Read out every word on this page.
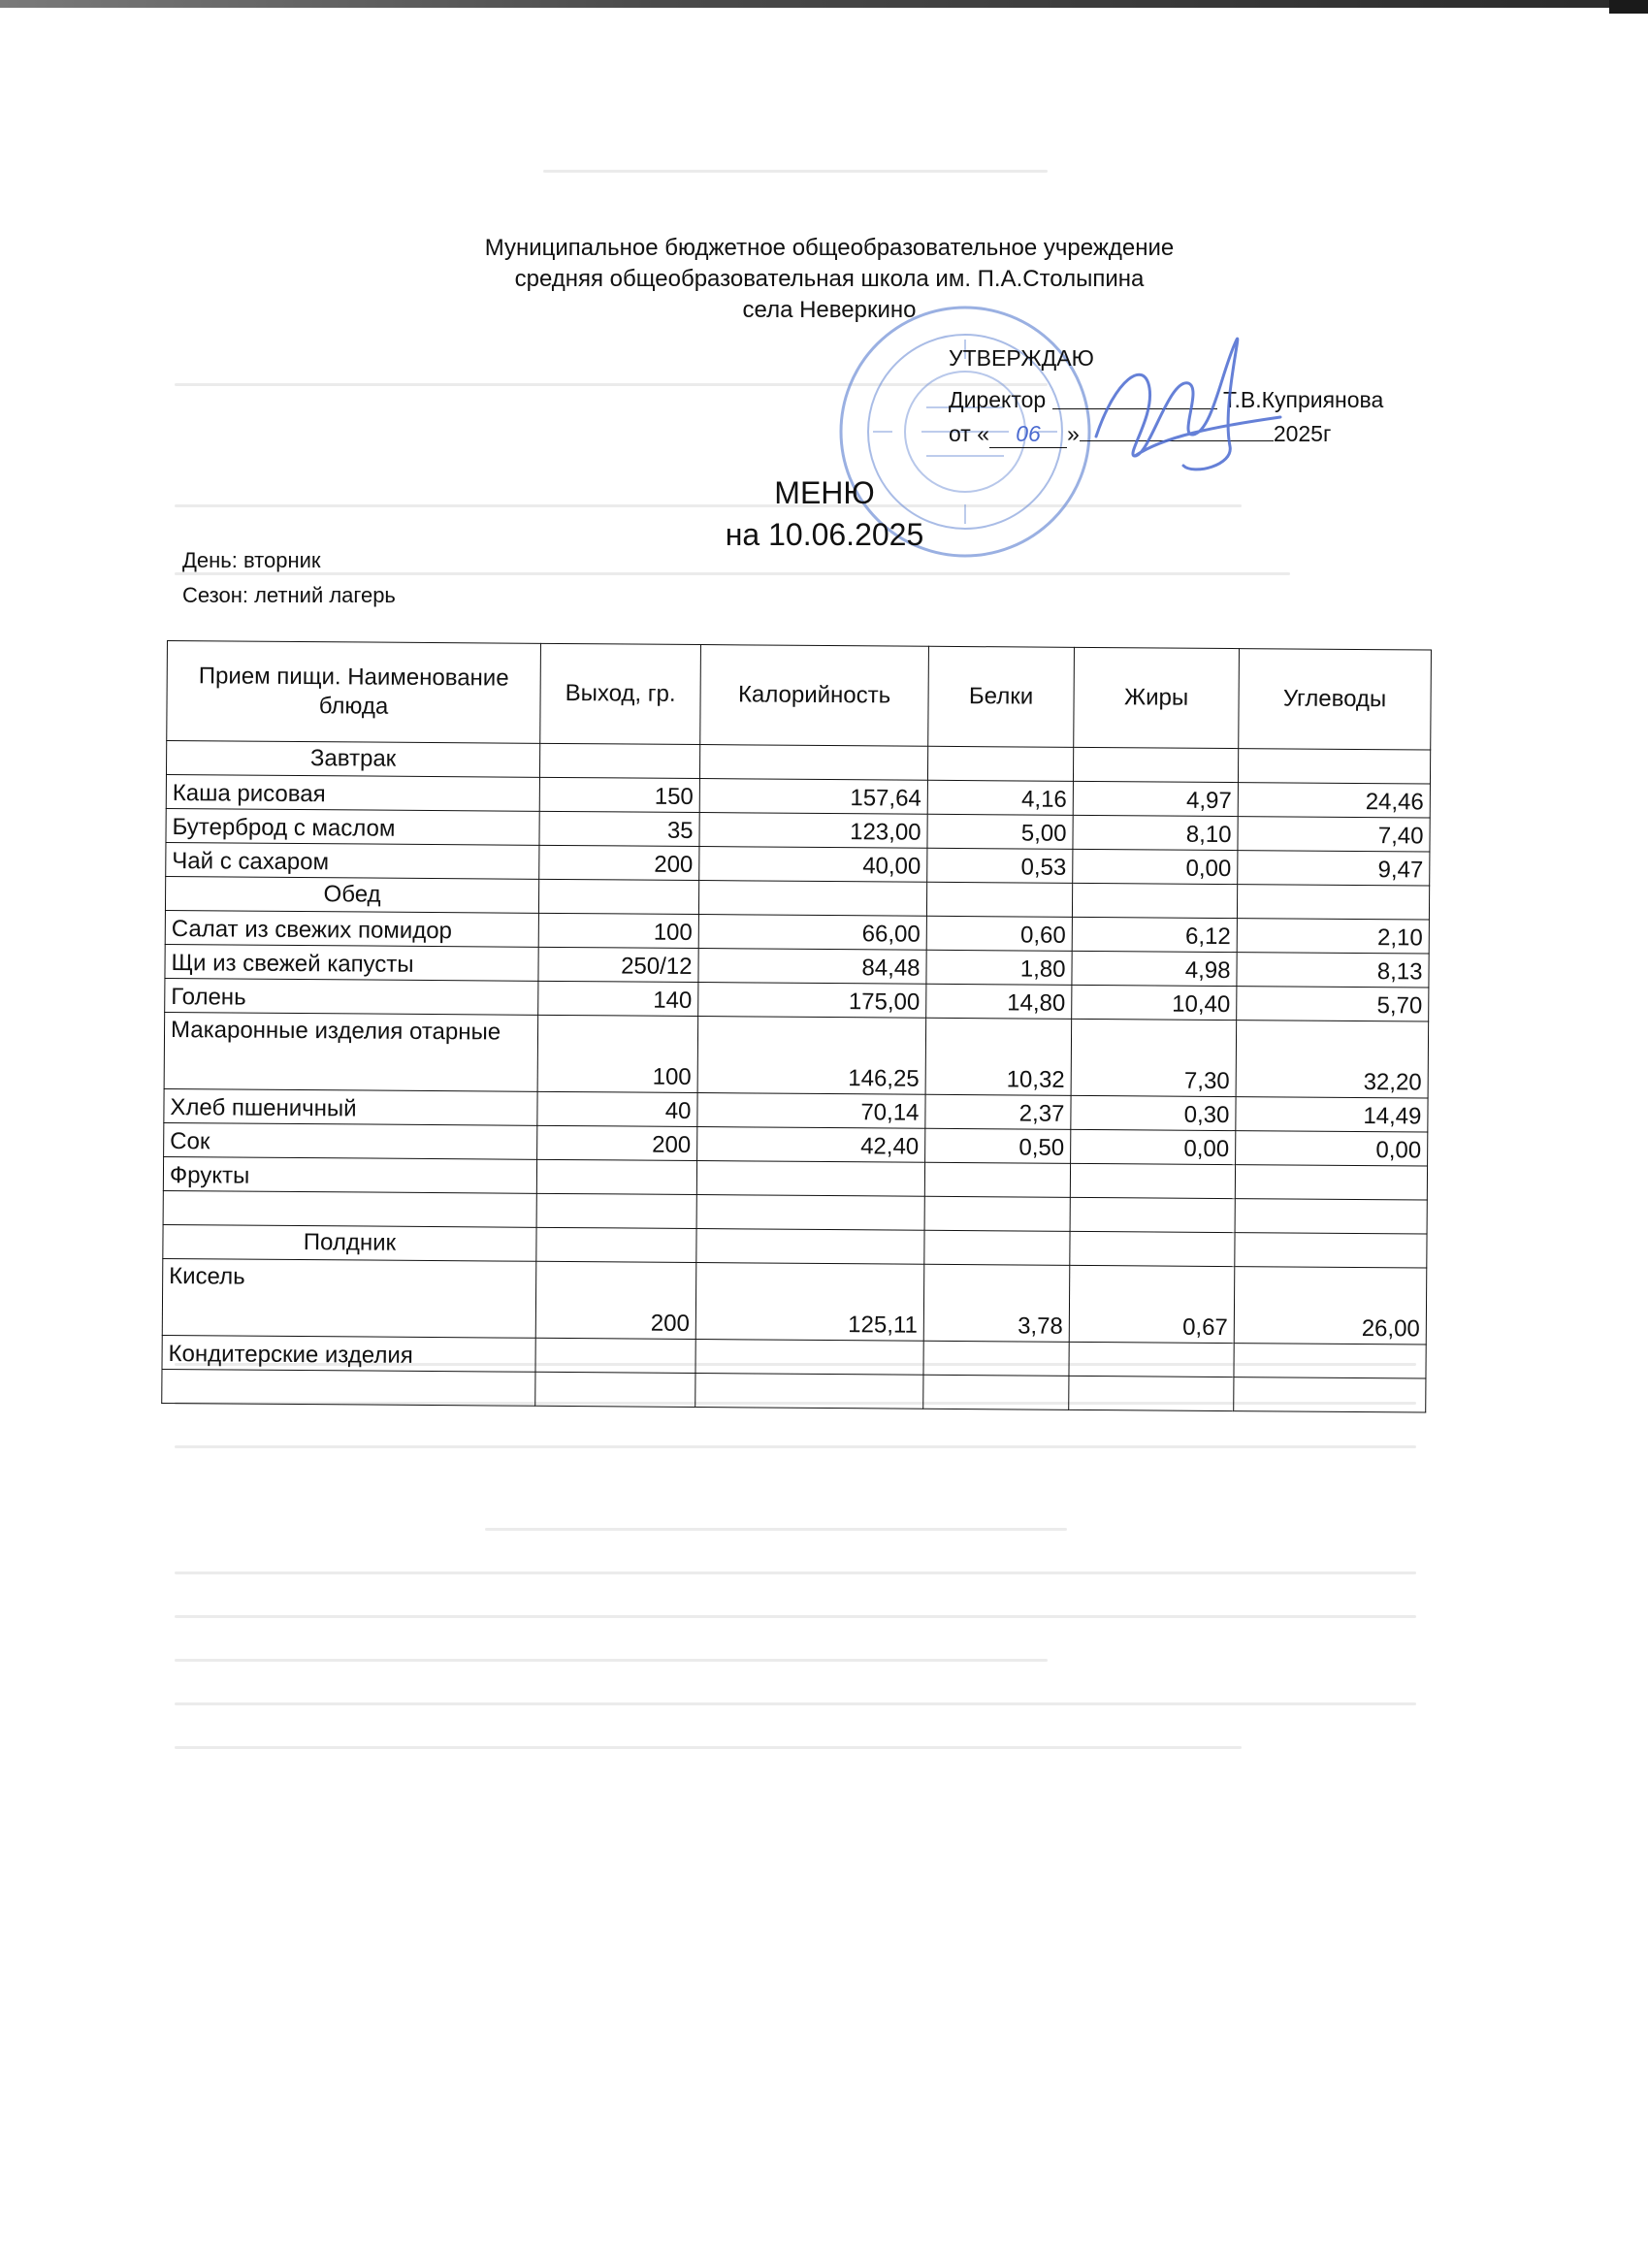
Муниципальное бюджетное общеобразовательное учреждение
средняя общеобразовательная школа им. П.А.Столыпина
села Неверкино
УТВЕРЖДАЮ
Директор	Т.В.Куприянова
от « 06 »	2025г
МЕНЮ
на 10.06.2025
День: вторник
Сезон: летний лагерь
Прием пищи. Наименование блюда	Выход, гр.	Калорийность	Белки	Жиры	Углеводы
Завтрак					
Каша рисовая	150	157,64	4,16	4,97	24,46
Бутерброд с маслом	35	123,00	5,00	8,10	7,40
Чай с сахаром	200	40,00	0,53	0,00	9,47
Обед					
Салат из свежих помидор	100	66,00	0,60	6,12	2,10
Щи из свежей капусты	250/12	84,48	1,80	4,98	8,13
Голень	140	175,00	14,80	10,40	5,70
Макаронные изделия отарные	100	146,25	10,32	7,30	32,20
Хлеб пшеничный	40	70,14	2,37	0,30	14,49
Сок	200	42,40	0,50	0,00	0,00
Фрукты					

Полдник					
Кисель	200	125,11	3,78	0,67	26,00
Кондитерские изделия					
